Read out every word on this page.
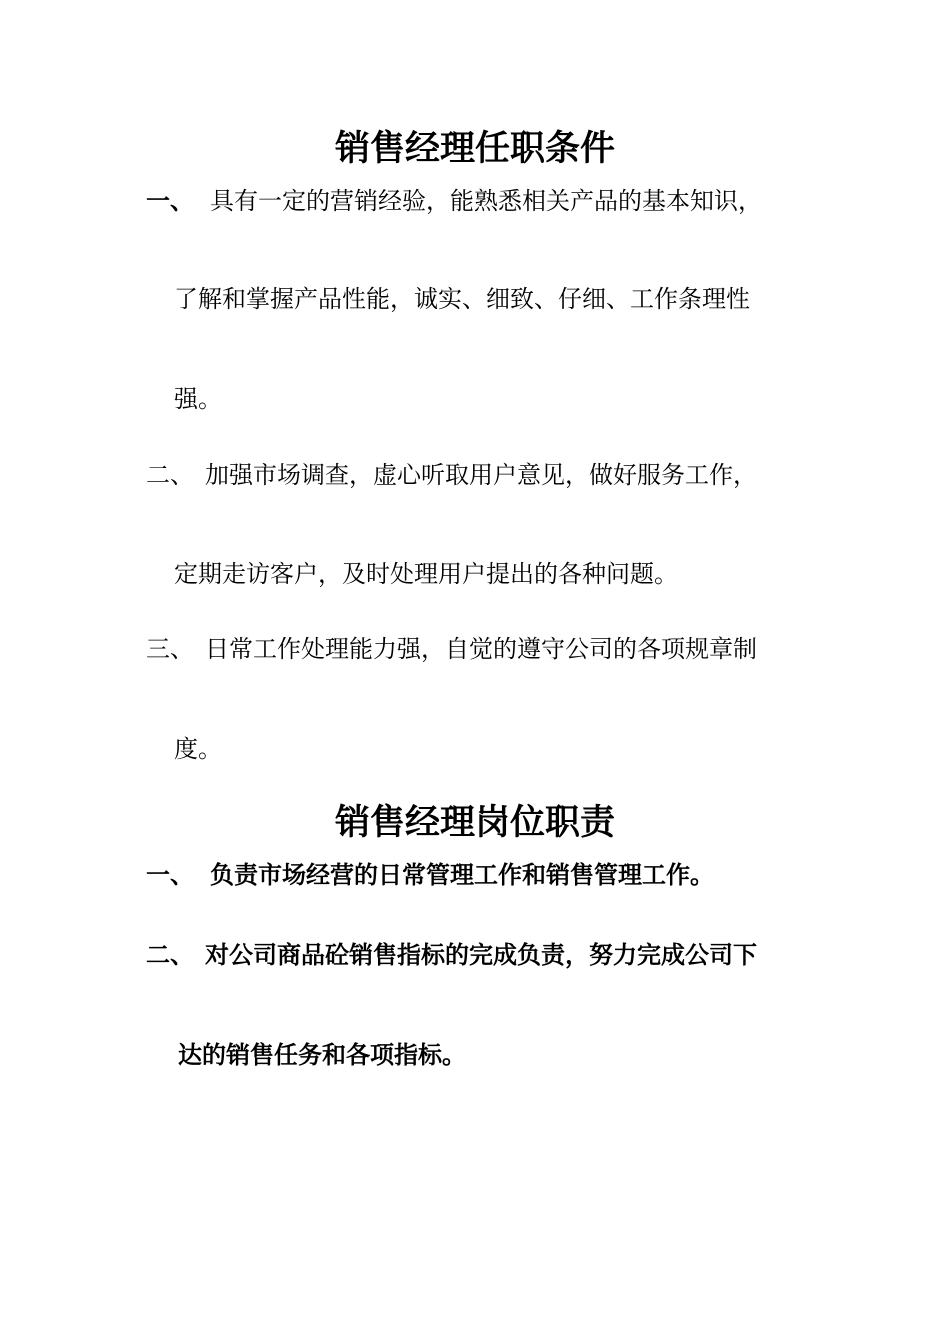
销售经理任职条件
一、 具有一定的营销经验，能熟悉相关产品的基本知识，
了解和掌握产品性能，诚实、细致、仔细、工作条理性
强。
二、 加强市场调查，虚心听取用户意见，做好服务工作，
定期走访客户，及时处理用户提出的各种问题。
三、 日常工作处理能力强，自觉的遵守公司的各项规章制
度。
销售经理岗位职责
一、 负责市场经营的日常管理工作和销售管理工作。
二、 对公司商品砼销售指标的完成负责，努力完成公司下
达的销售任务和各项指标。
